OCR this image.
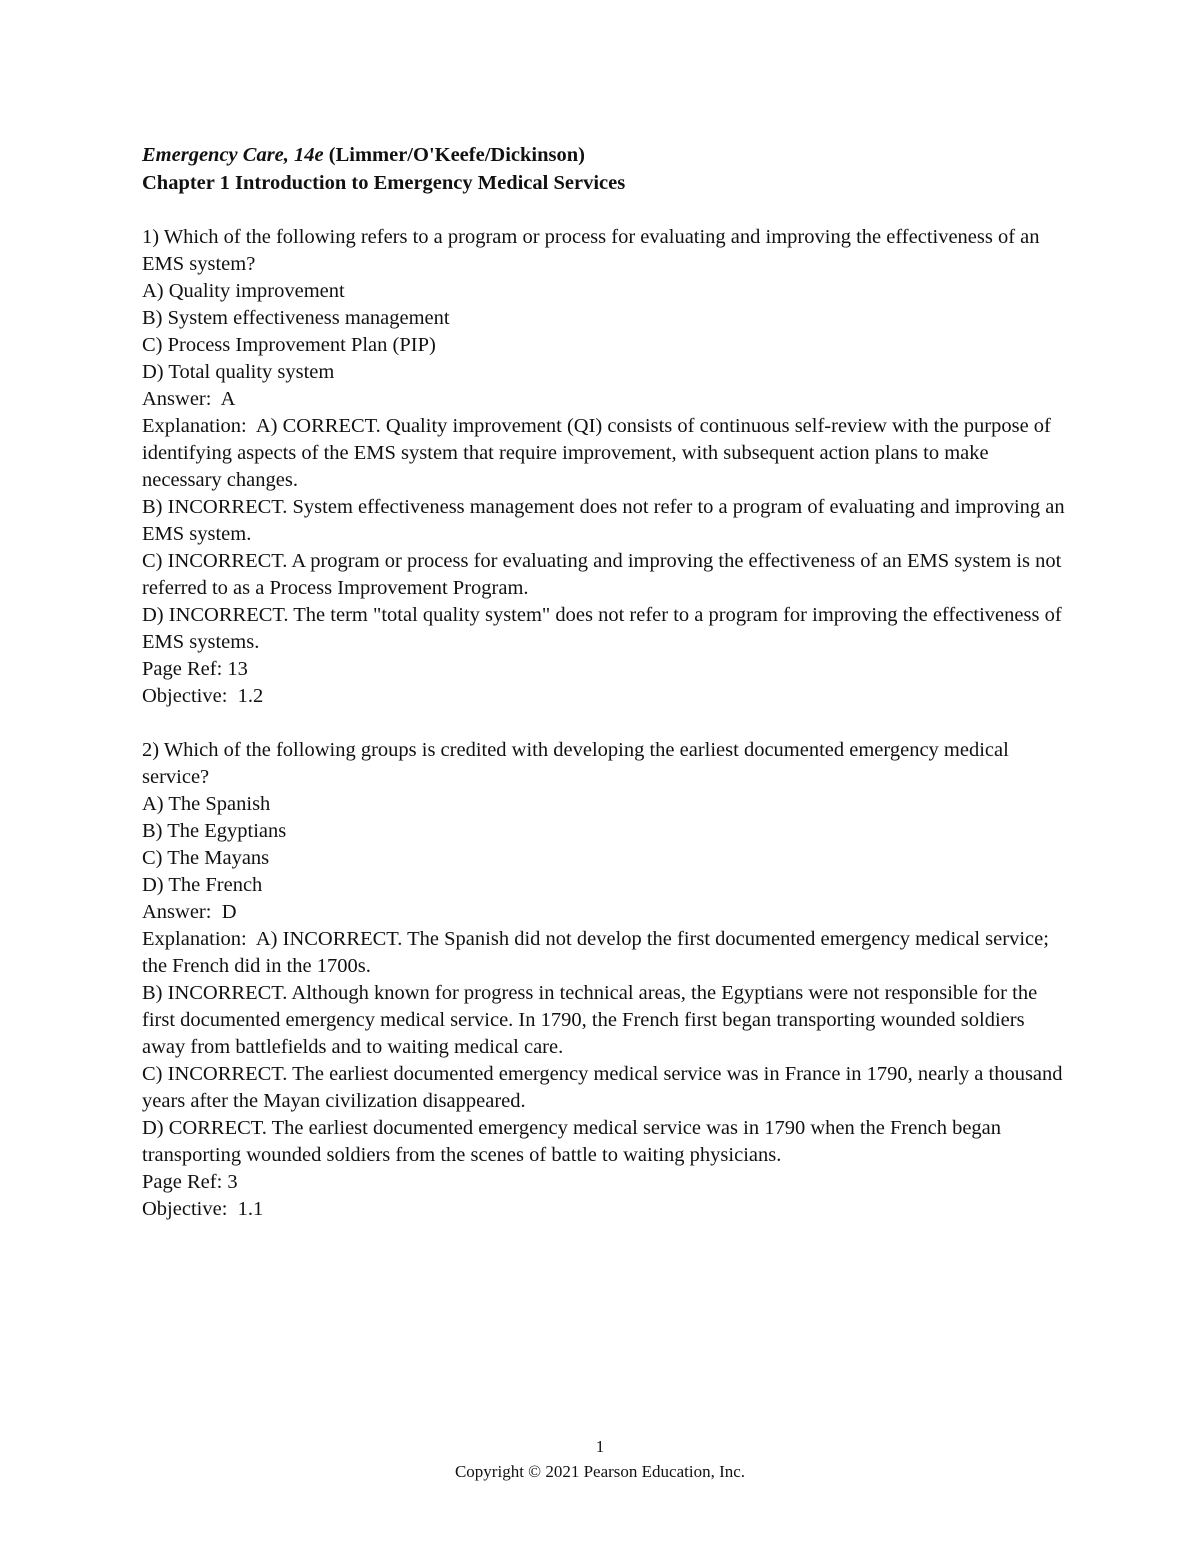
Emergency Care, 14e (Limmer/O'Keefe/Dickinson)
Chapter 1 Introduction to Emergency Medical Services
1) Which of the following refers to a program or process for evaluating and improving the effectiveness of an EMS system?
A) Quality improvement
B) System effectiveness management
C) Process Improvement Plan (PIP)
D) Total quality system
Answer:  A
Explanation:  A) CORRECT. Quality improvement (QI) consists of continuous self-review with the purpose of identifying aspects of the EMS system that require improvement, with subsequent action plans to make necessary changes.
B) INCORRECT. System effectiveness management does not refer to a program of evaluating and improving an EMS system.
C) INCORRECT. A program or process for evaluating and improving the effectiveness of an EMS system is not referred to as a Process Improvement Program.
D) INCORRECT. The term "total quality system" does not refer to a program for improving the effectiveness of EMS systems.
Page Ref: 13
Objective:  1.2
2) Which of the following groups is credited with developing the earliest documented emergency medical service?
A) The Spanish
B) The Egyptians
C) The Mayans
D) The French
Answer:  D
Explanation:  A) INCORRECT. The Spanish did not develop the first documented emergency medical service; the French did in the 1700s.
B) INCORRECT. Although known for progress in technical areas, the Egyptians were not responsible for the first documented emergency medical service. In 1790, the French first began transporting wounded soldiers away from battlefields and to waiting medical care.
C) INCORRECT. The earliest documented emergency medical service was in France in 1790, nearly a thousand years after the Mayan civilization disappeared.
D) CORRECT. The earliest documented emergency medical service was in 1790 when the French began transporting wounded soldiers from the scenes of battle to waiting physicians.
Page Ref: 3
Objective:  1.1
1
Copyright © 2021 Pearson Education, Inc.
